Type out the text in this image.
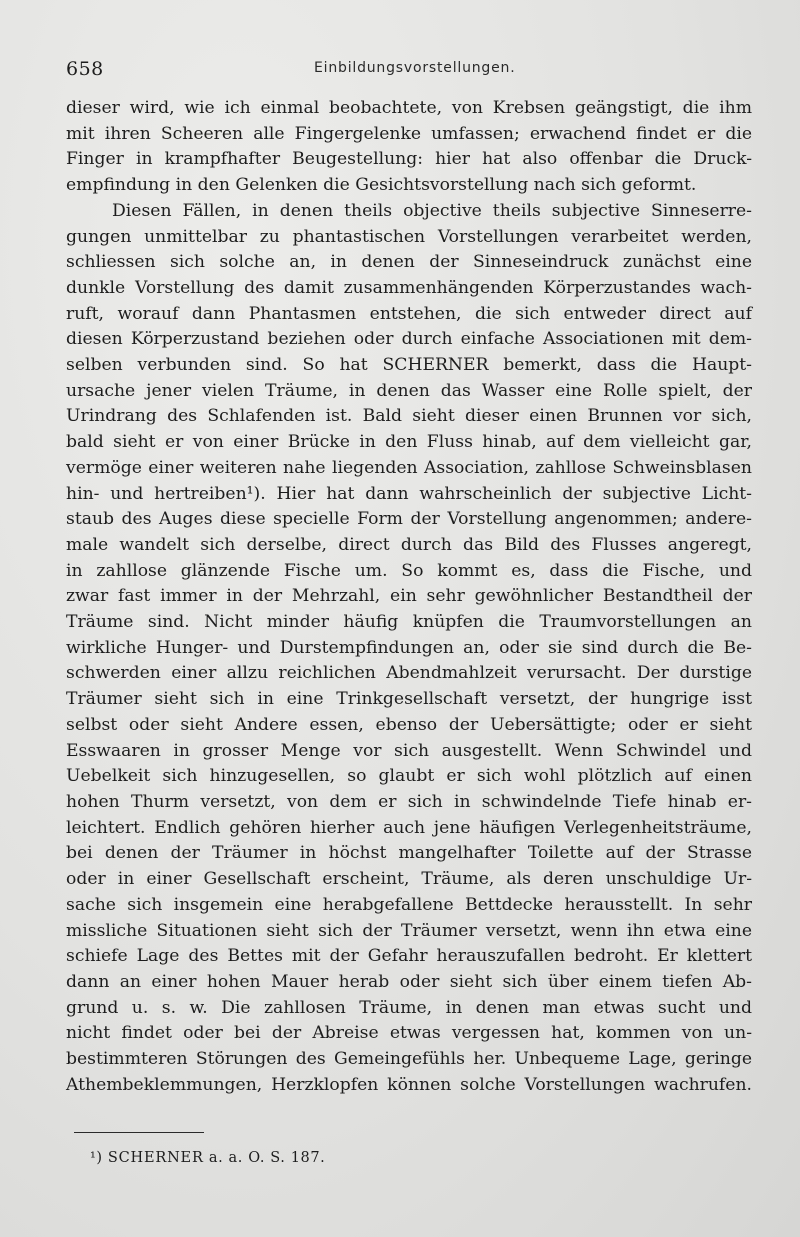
658	Einbildungsvorstellungen.
dieser wird, wie ich einmal beobachtete, von Krebsen geängstigt, die ihm
mit ihren Scheeren alle Fingergelenke umfassen; erwachend findet er die
Finger in krampfhafter Beugestellung: hier hat also offenbar die Druck-
empfindung in den Gelenken die Gesichtsvorstellung nach sich geformt.
Diesen Fällen, in denen theils objective theils subjective Sinneserre-
gungen unmittelbar zu phantastischen Vorstellungen verarbeitet werden,
schliessen sich solche an, in denen der Sinneseindruck zunächst eine
dunkle Vorstellung des damit zusammenhängenden Körperzustandes wach-
ruft, worauf dann Phantasmen entstehen, die sich entweder direct auf
diesen Körperzustand beziehen oder durch einfache Associationen mit dem-
selben verbunden sind. So hat SCHERNER bemerkt, dass die Haupt-
ursache jener vielen Träume, in denen das Wasser eine Rolle spielt, der
Urindrang des Schlafenden ist. Bald sieht dieser einen Brunnen vor sich,
bald sieht er von einer Brücke in den Fluss hinab, auf dem vielleicht gar,
vermöge einer weiteren nahe liegenden Association, zahllose Schweinsblasen
hin- und hertreiben¹). Hier hat dann wahrscheinlich der subjective Licht-
staub des Auges diese specielle Form der Vorstellung angenommen; andere-
male wandelt sich derselbe, direct durch das Bild des Flusses angeregt,
in zahllose glänzende Fische um. So kommt es, dass die Fische, und
zwar fast immer in der Mehrzahl, ein sehr gewöhnlicher Bestandtheil der
Träume sind. Nicht minder häufig knüpfen die Traumvorstellungen an
wirkliche Hunger- und Durstempfindungen an, oder sie sind durch die Be-
schwerden einer allzu reichlichen Abendmahlzeit verursacht. Der durstige
Träumer sieht sich in eine Trinkgesellschaft versetzt, der hungrige isst
selbst oder sieht Andere essen, ebenso der Uebersättigte; oder er sieht
Esswaaren in grosser Menge vor sich ausgestellt. Wenn Schwindel und
Uebelkeit sich hinzugesellen, so glaubt er sich wohl plötzlich auf einen
hohen Thurm versetzt, von dem er sich in schwindelnde Tiefe hinab er-
leichtert. Endlich gehören hierher auch jene häufigen Verlegenheitsträume,
bei denen der Träumer in höchst mangelhafter Toilette auf der Strasse
oder in einer Gesellschaft erscheint, Träume, als deren unschuldige Ur-
sache sich insgemein eine herabgefallene Bettdecke herausstellt. In sehr
missliche Situationen sieht sich der Träumer versetzt, wenn ihn etwa eine
schiefe Lage des Bettes mit der Gefahr herauszufallen bedroht. Er klettert
dann an einer hohen Mauer herab oder sieht sich über einem tiefen Ab-
grund u. s. w. Die zahllosen Träume, in denen man etwas sucht und
nicht findet oder bei der Abreise etwas vergessen hat, kommen von un-
bestimmteren Störungen des Gemeingefühls her. Unbequeme Lage, geringe
Athembeklemmungen, Herzklopfen können solche Vorstellungen wachrufen.
¹) SCHERNER a. a. O. S. 187.
